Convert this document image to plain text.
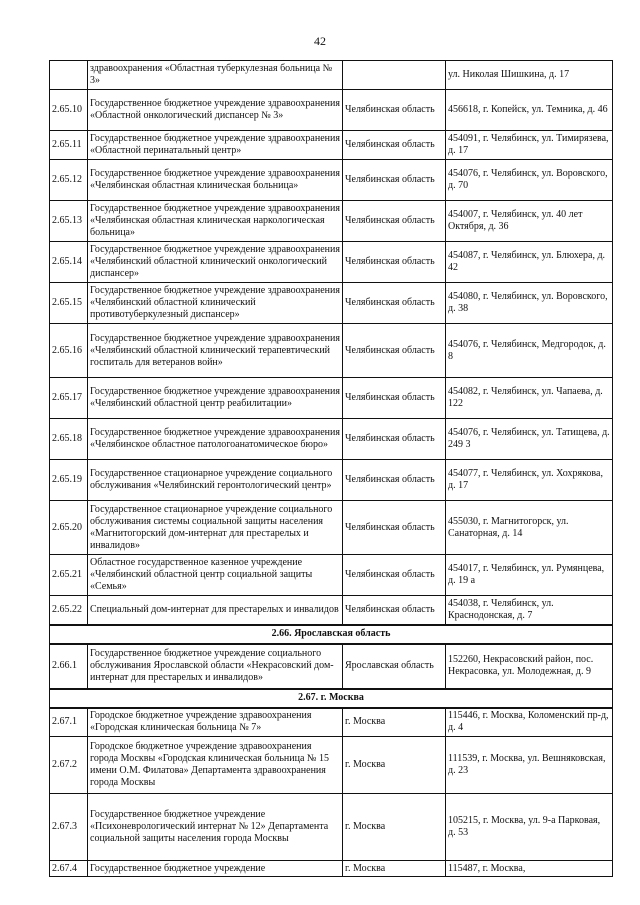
42
	здравоохранения «Областная туберкулезная больница № 3»		ул. Николая Шишкина, д. 17
2.65.10	Государственное бюджетное учреждение здравоохранения «Областной онкологический диспансер № 3»	Челябинская область	456618, г. Копейск, ул. Темника, д. 46
2.65.11	Государственное бюджетное учреждение здравоохранения «Областной перинатальный центр»	Челябинская область	454091, г. Челябинск, ул. Тимирязева, д. 17
2.65.12	Государственное бюджетное учреждение здравоохранения «Челябинская областная клиническая больница»	Челябинская область	454076, г. Челябинск, ул. Воровского, д. 70
2.65.13	Государственное бюджетное учреждение здравоохранения «Челябинская областная клиническая наркологическая больница»	Челябинская область	454007, г. Челябинск, ул. 40 лет Октября, д. 36
2.65.14	Государственное бюджетное учреждение здравоохранения «Челябинский областной клинический онкологический диспансер»	Челябинская область	454087, г. Челябинск, ул. Блюхера, д. 42
2.65.15	Государственное бюджетное учреждение здравоохранения «Челябинский областной клинический противотуберкулезный диспансер»	Челябинская область	454080, г. Челябинск, ул. Воровского, д. 38
2.65.16	Государственное бюджетное учреждение здравоохранения «Челябинский областной клинический терапевтический госпиталь для ветеранов войн»	Челябинская область	454076, г. Челябинск, Медгородок, д. 8
2.65.17	Государственное бюджетное учреждение здравоохранения «Челябинский областной центр реабилитации»	Челябинская область	454082, г. Челябинск, ул. Чапаева, д. 122
2.65.18	Государственное бюджетное учреждение здравоохранения «Челябинское областное патологоанатомическое бюро»	Челябинская область	454076, г. Челябинск, ул. Татищева, д. 249 3
2.65.19	Государственное стационарное учреждение социального обслуживания «Челябинский геронтологический центр»	Челябинская область	454077, г. Челябинск, ул. Хохрякова, д. 17
2.65.20	Государственное стационарное учреждение социального обслуживания системы социальной защиты населения «Магнитогорский дом-интернат для престарелых и инвалидов»	Челябинская область	455030, г. Магнитогорск, ул. Санаторная, д. 14
2.65.21	Областное государственное казенное учреждение «Челябинский областной центр социальной защиты «Семья»	Челябинская область	454017, г. Челябинск, ул. Румянцева, д. 19 а
2.65.22	Специальный дом-интернат для престарелых и инвалидов	Челябинская область	454038, г. Челябинск, ул. Краснодонская, д. 7
2.66. Ярославская область			
2.66.1	Государственное бюджетное учреждение социального обслуживания Ярославской области «Некрасовский дом-интернат для престарелых и инвалидов»	Ярославская область	152260, Некрасовский район, пос. Некрасовка, ул. Молодежная, д. 9
2.67. г. Москва			
2.67.1	Городское бюджетное учреждение здравоохранения «Городская клиническая больница № 7»	г. Москва	115446, г. Москва, Коломенский пр-д, д. 4
2.67.2	Городское бюджетное учреждение здравоохранения города Москвы «Городская клиническая больница № 15 имени О.М. Филатова» Департамента здравоохранения города Москвы	г. Москва	111539, г. Москва, ул. Вешняковская, д. 23
2.67.3	Государственное бюджетное учреждение «Психоневрологический интернат № 12» Департамента социальной защиты населения города Москвы	г. Москва	105215, г. Москва, ул. 9-а Парковая, д. 53
2.67.4	Государственное бюджетное учреждение	г. Москва	115487, г. Москва,
